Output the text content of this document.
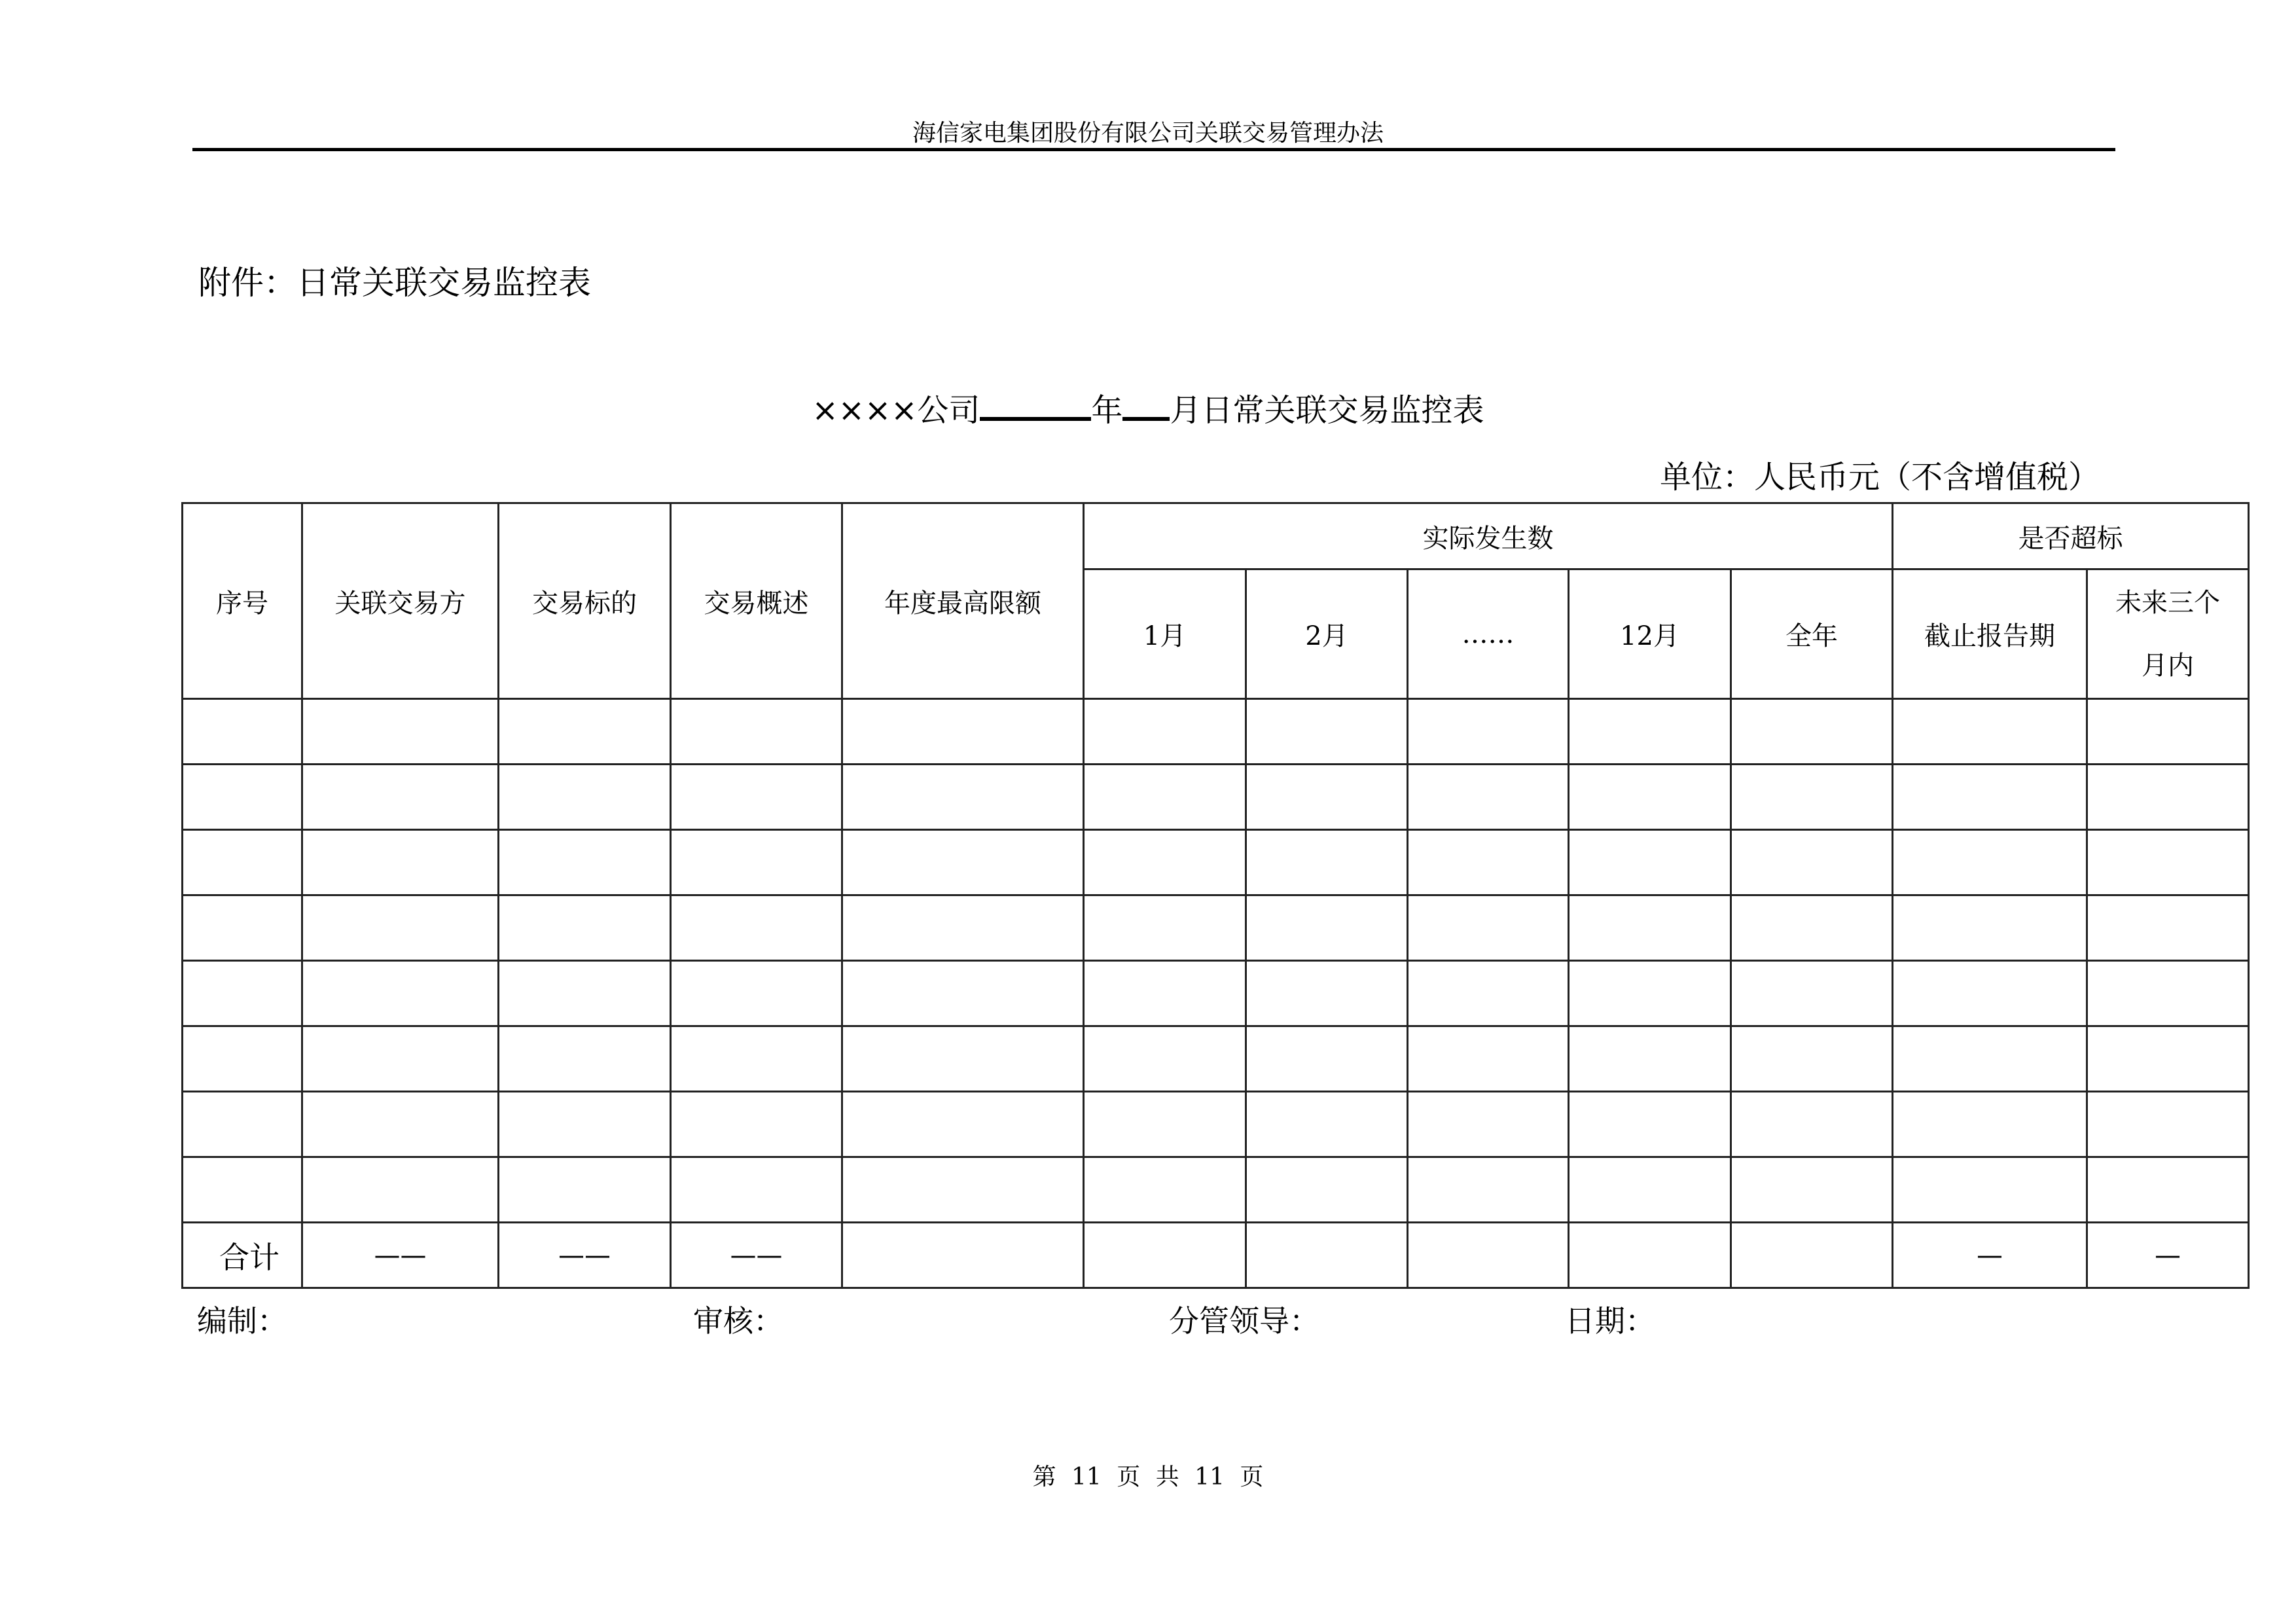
海信家电集团股份有限公司关联交易管理办法
附件：日常关联交易监控表
××××公司	年 月日常关联交易监控表
单位：人民币元（不含增值税）
序号	关联交易方	交易标的	交易概述	年度最高限额	实际发生数					是否超标	
					1月	2月	……	12月	全年	截止报告期	未来三个
月内

合计	——	——	——							—	—
编制：	审核：	分管领导：	日期：
第 11 页 共 11 页
